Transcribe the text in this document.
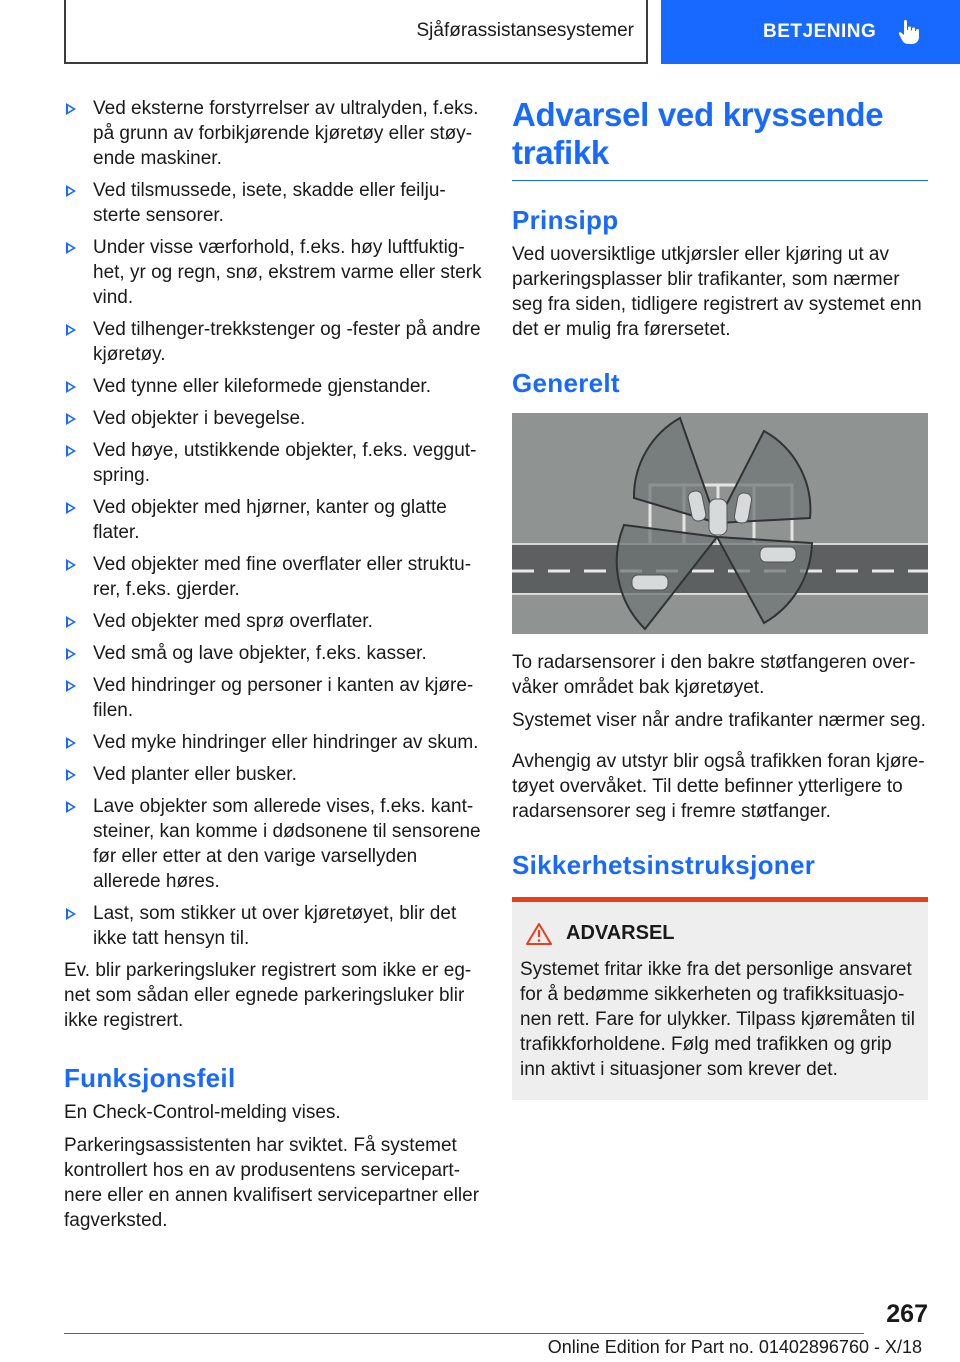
Sjåførassistansesystemer	BETJENING
Ved eksterne forstyrrelser av ultralyden, f.eks. på grunn av forbikjørende kjøretøy eller støyende maskiner.
Ved tilsmussede, isete, skadde eller feiljusterte sensorer.
Under visse værforhold, f.eks. høy luftfuktighet, yr og regn, snø, ekstrem varme eller sterk vind.
Ved tilhenger-trekkstenger og -fester på andre kjøretøy.
Ved tynne eller kileformede gjenstander.
Ved objekter i bevegelse.
Ved høye, utstikkende objekter, f.eks. veggutspring.
Ved objekter med hjørner, kanter og glatte flater.
Ved objekter med fine overflater eller strukturer, f.eks. gjerder.
Ved objekter med sprø overflater.
Ved små og lave objekter, f.eks. kasser.
Ved hindringer og personer i kanten av kjørefilen.
Ved myke hindringer eller hindringer av skum.
Ved planter eller busker.
Lave objekter som allerede vises, f.eks. kantsteiner, kan komme i dødsonene til sensorene før eller etter at den varige varsellyden allerede høres.
Last, som stikker ut over kjøretøyet, blir det ikke tatt hensyn til.

Ev. blir parkeringsluker registrert som ikke er egnet som sådan eller egnede parkeringsluker blir ikke registrert.

Funksjonsfeil

En Check-Control-melding vises.

Parkeringsassistenten har sviktet. Få systemet kontrollert hos en av produsentens servicepartnere eller en annen kvalifisert servicepartner eller fagverksted.

Advarsel ved kryssende trafikk
Prinsipp

Ved uoversiktlige utkjørsler eller kjøring ut av parkeringsplasser blir trafikanter, som nærmer seg fra siden, tidligere registrert av systemet enn det er mulig fra førersetet.

Generelt

To radarsensorer i den bakre støtfangeren overvåker området bak kjøretøyet.

Systemet viser når andre trafikanter nærmer seg.

Avhengig av utstyr blir også trafikken foran kjøretøyet overvåket. Til dette befinner ytterligere to radarsensorer seg i fremre støtfanger.

Sikkerhetsinstruksjoner
ADVARSEL
Systemet fritar ikke fra det personlige ansvaret for å bedømme sikkerheten og trafikksituasjonen rett. Fare for ulykker. Tilpass kjøremåten til trafikkforholdene. Følg med trafikken og grip inn aktivt i situasjoner som krever det.
267
Online Edition for Part no. 01402896760 - X/18
